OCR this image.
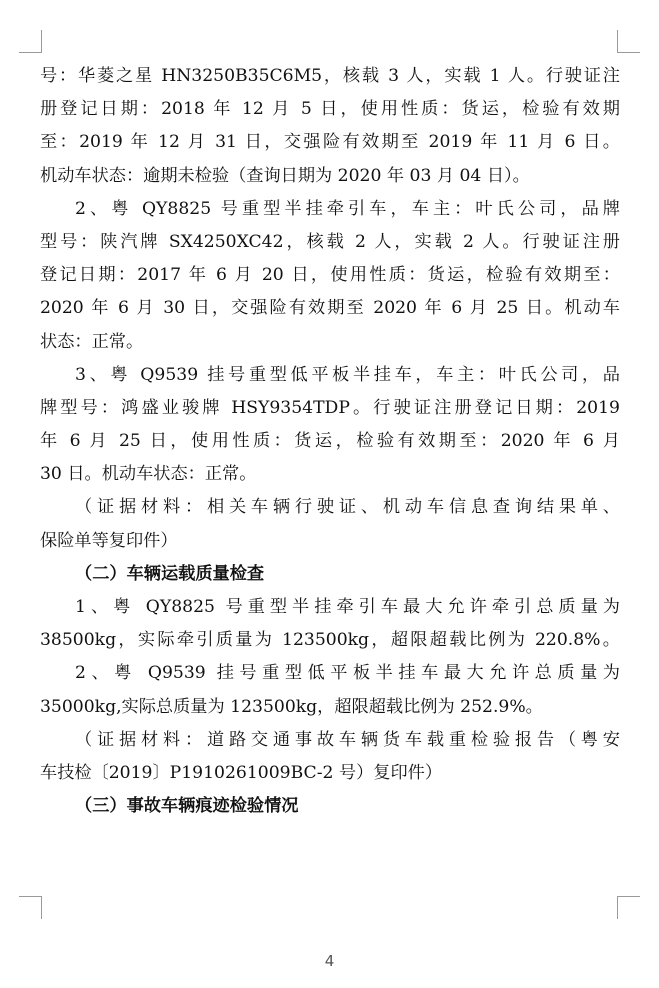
号：华菱之星 HN3250B35C6M5，核载 3 人，实载 1 人。行驶证注
册登记日期：2018 年 12 月 5 日，使用性质：货运，检验有效期
至：2019 年 12 月 31 日，交强险有效期至 2019 年 11 月 6 日。
机动车状态：逾期未检验（查询日期为 2020 年 03 月 04 日）。
2、粤 QY8825 号重型半挂牵引车，车主：叶氏公司，品牌
型号：陕汽牌 SX4250XC42，核载 2 人，实载 2 人。行驶证注册
登记日期：2017 年 6 月 20 日，使用性质：货运，检验有效期至：
2020 年 6 月 30 日，交强险有效期至 2020 年 6 月 25 日。机动车
状态：正常。
3、粤 Q9539 挂号重型低平板半挂车，车主：叶氏公司，品
牌型号：鸿盛业骏牌 HSY9354TDP。行驶证注册登记日期：2019
年 6 月 25 日，使用性质：货运，检验有效期至：2020 年 6 月
30 日。机动车状态：正常。
（证据材料：相关车辆行驶证、机动车信息查询结果单、
保险单等复印件）
（二）车辆运载质量检查
1、粤 QY8825 号重型半挂牵引车最大允许牵引总质量为
38500kg，实际牵引质量为 123500kg，超限超载比例为 220.8%。
2、粤 Q9539 挂号重型低平板半挂车最大允许总质量为
35000kg,实际总质量为 123500kg，超限超载比例为 252.9%。
（证据材料：道路交通事故车辆货车载重检验报告（粤安
车技检〔2019〕P1910261009BC-2 号）复印件）
（三）事故车辆痕迹检验情况
4
